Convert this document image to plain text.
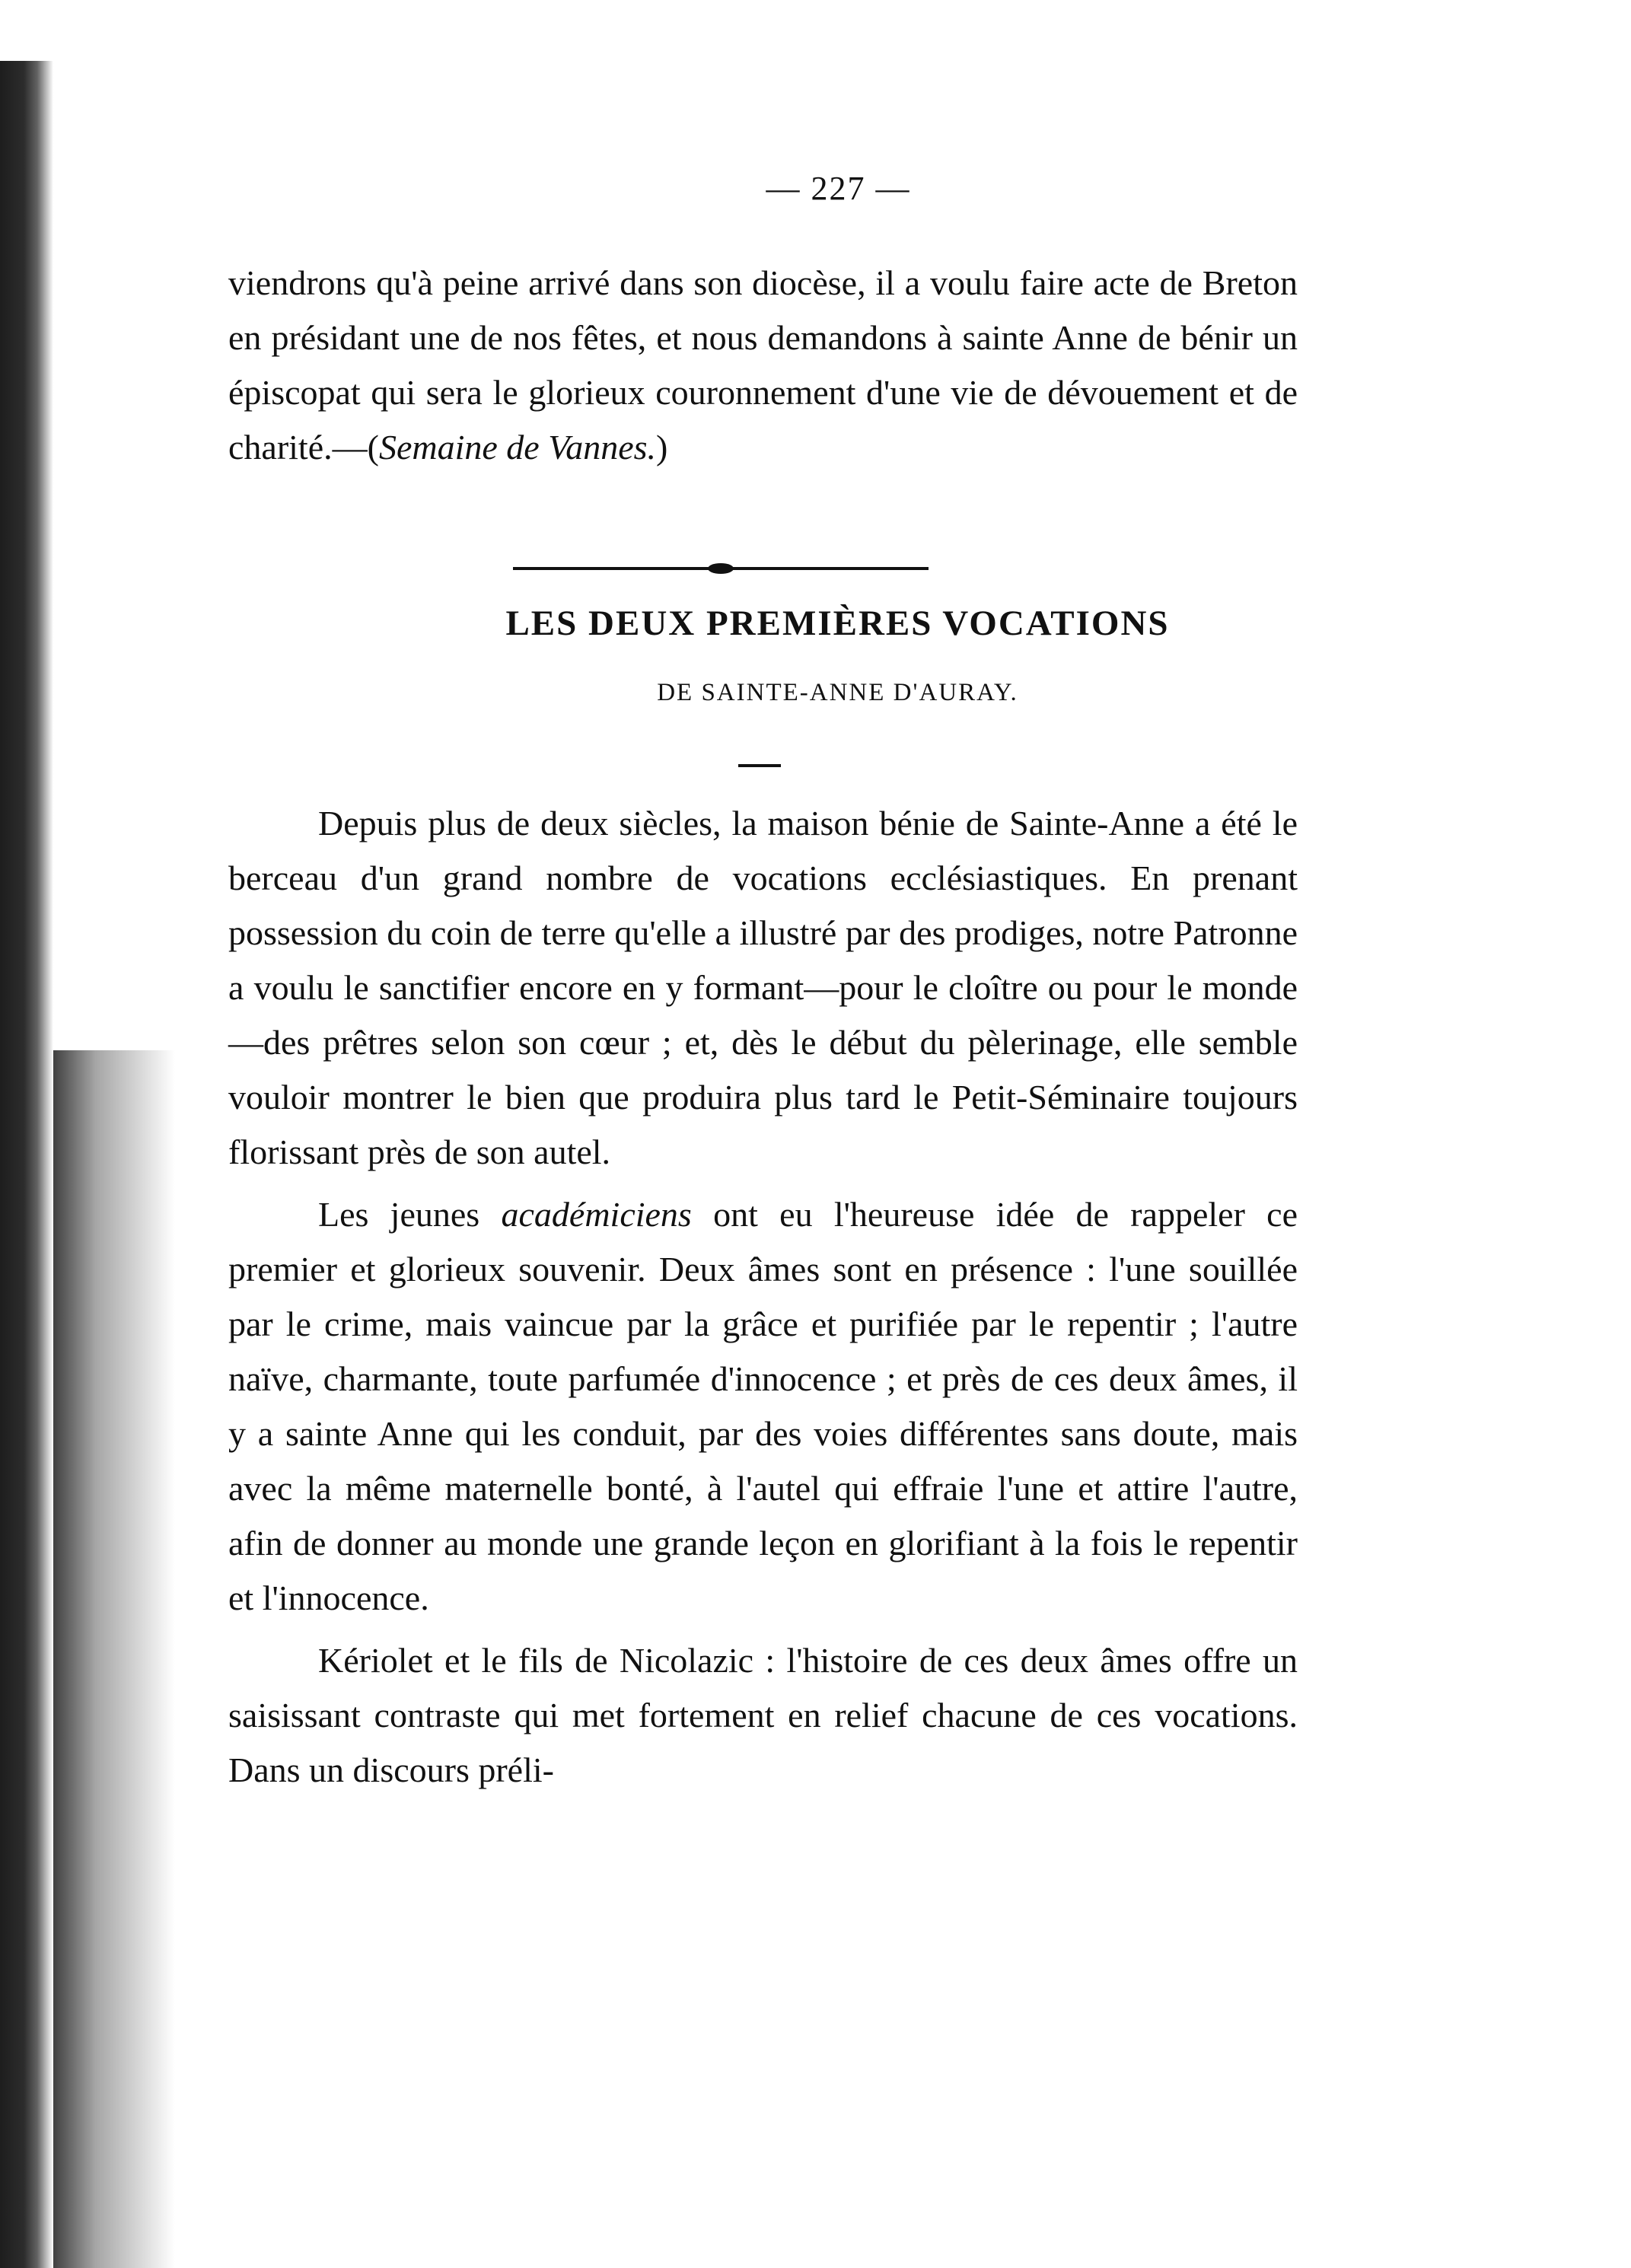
— 227 —

viendrons qu'à peine arrivé dans son diocèse, il a voulu faire acte de Breton en présidant une de nos fêtes, et nous demandons à sainte Anne de bénir un épiscopat qui sera le glorieux couronnement d'une vie de dévouement et de charité.—(Semaine de Vannes.)

LES DEUX PREMIÈRES VOCATIONS
DE SAINTE-ANNE D'AURAY.

Depuis plus de deux siècles, la maison bénie de Sainte-Anne a été le berceau d'un grand nombre de vocations ecclésiastiques. En prenant possession du coin de terre qu'elle a illustré par des prodiges, notre Patronne a voulu le sanctifier encore en y formant—pour le cloître ou pour le monde—des prêtres selon son cœur ; et, dès le début du pèlerinage, elle semble vouloir montrer le bien que produira plus tard le Petit-Séminaire toujours florissant près de son autel.

Les jeunes académiciens ont eu l'heureuse idée de rappeler ce premier et glorieux souvenir. Deux âmes sont en présence : l'une souillée par le crime, mais vaincue par la grâce et purifiée par le repentir ; l'autre naïve, charmante, toute parfumée d'innocence ; et près de ces deux âmes, il y a sainte Anne qui les conduit, par des voies différentes sans doute, mais avec la même maternelle bonté, à l'autel qui effraie l'une et attire l'autre, afin de donner au monde une grande leçon en glorifiant à la fois le repentir et l'innocence.

Kériolet et le fils de Nicolazic : l'histoire de ces deux âmes offre un saisissant contraste qui met fortement en relief chacune de ces vocations. Dans un discours préli-
